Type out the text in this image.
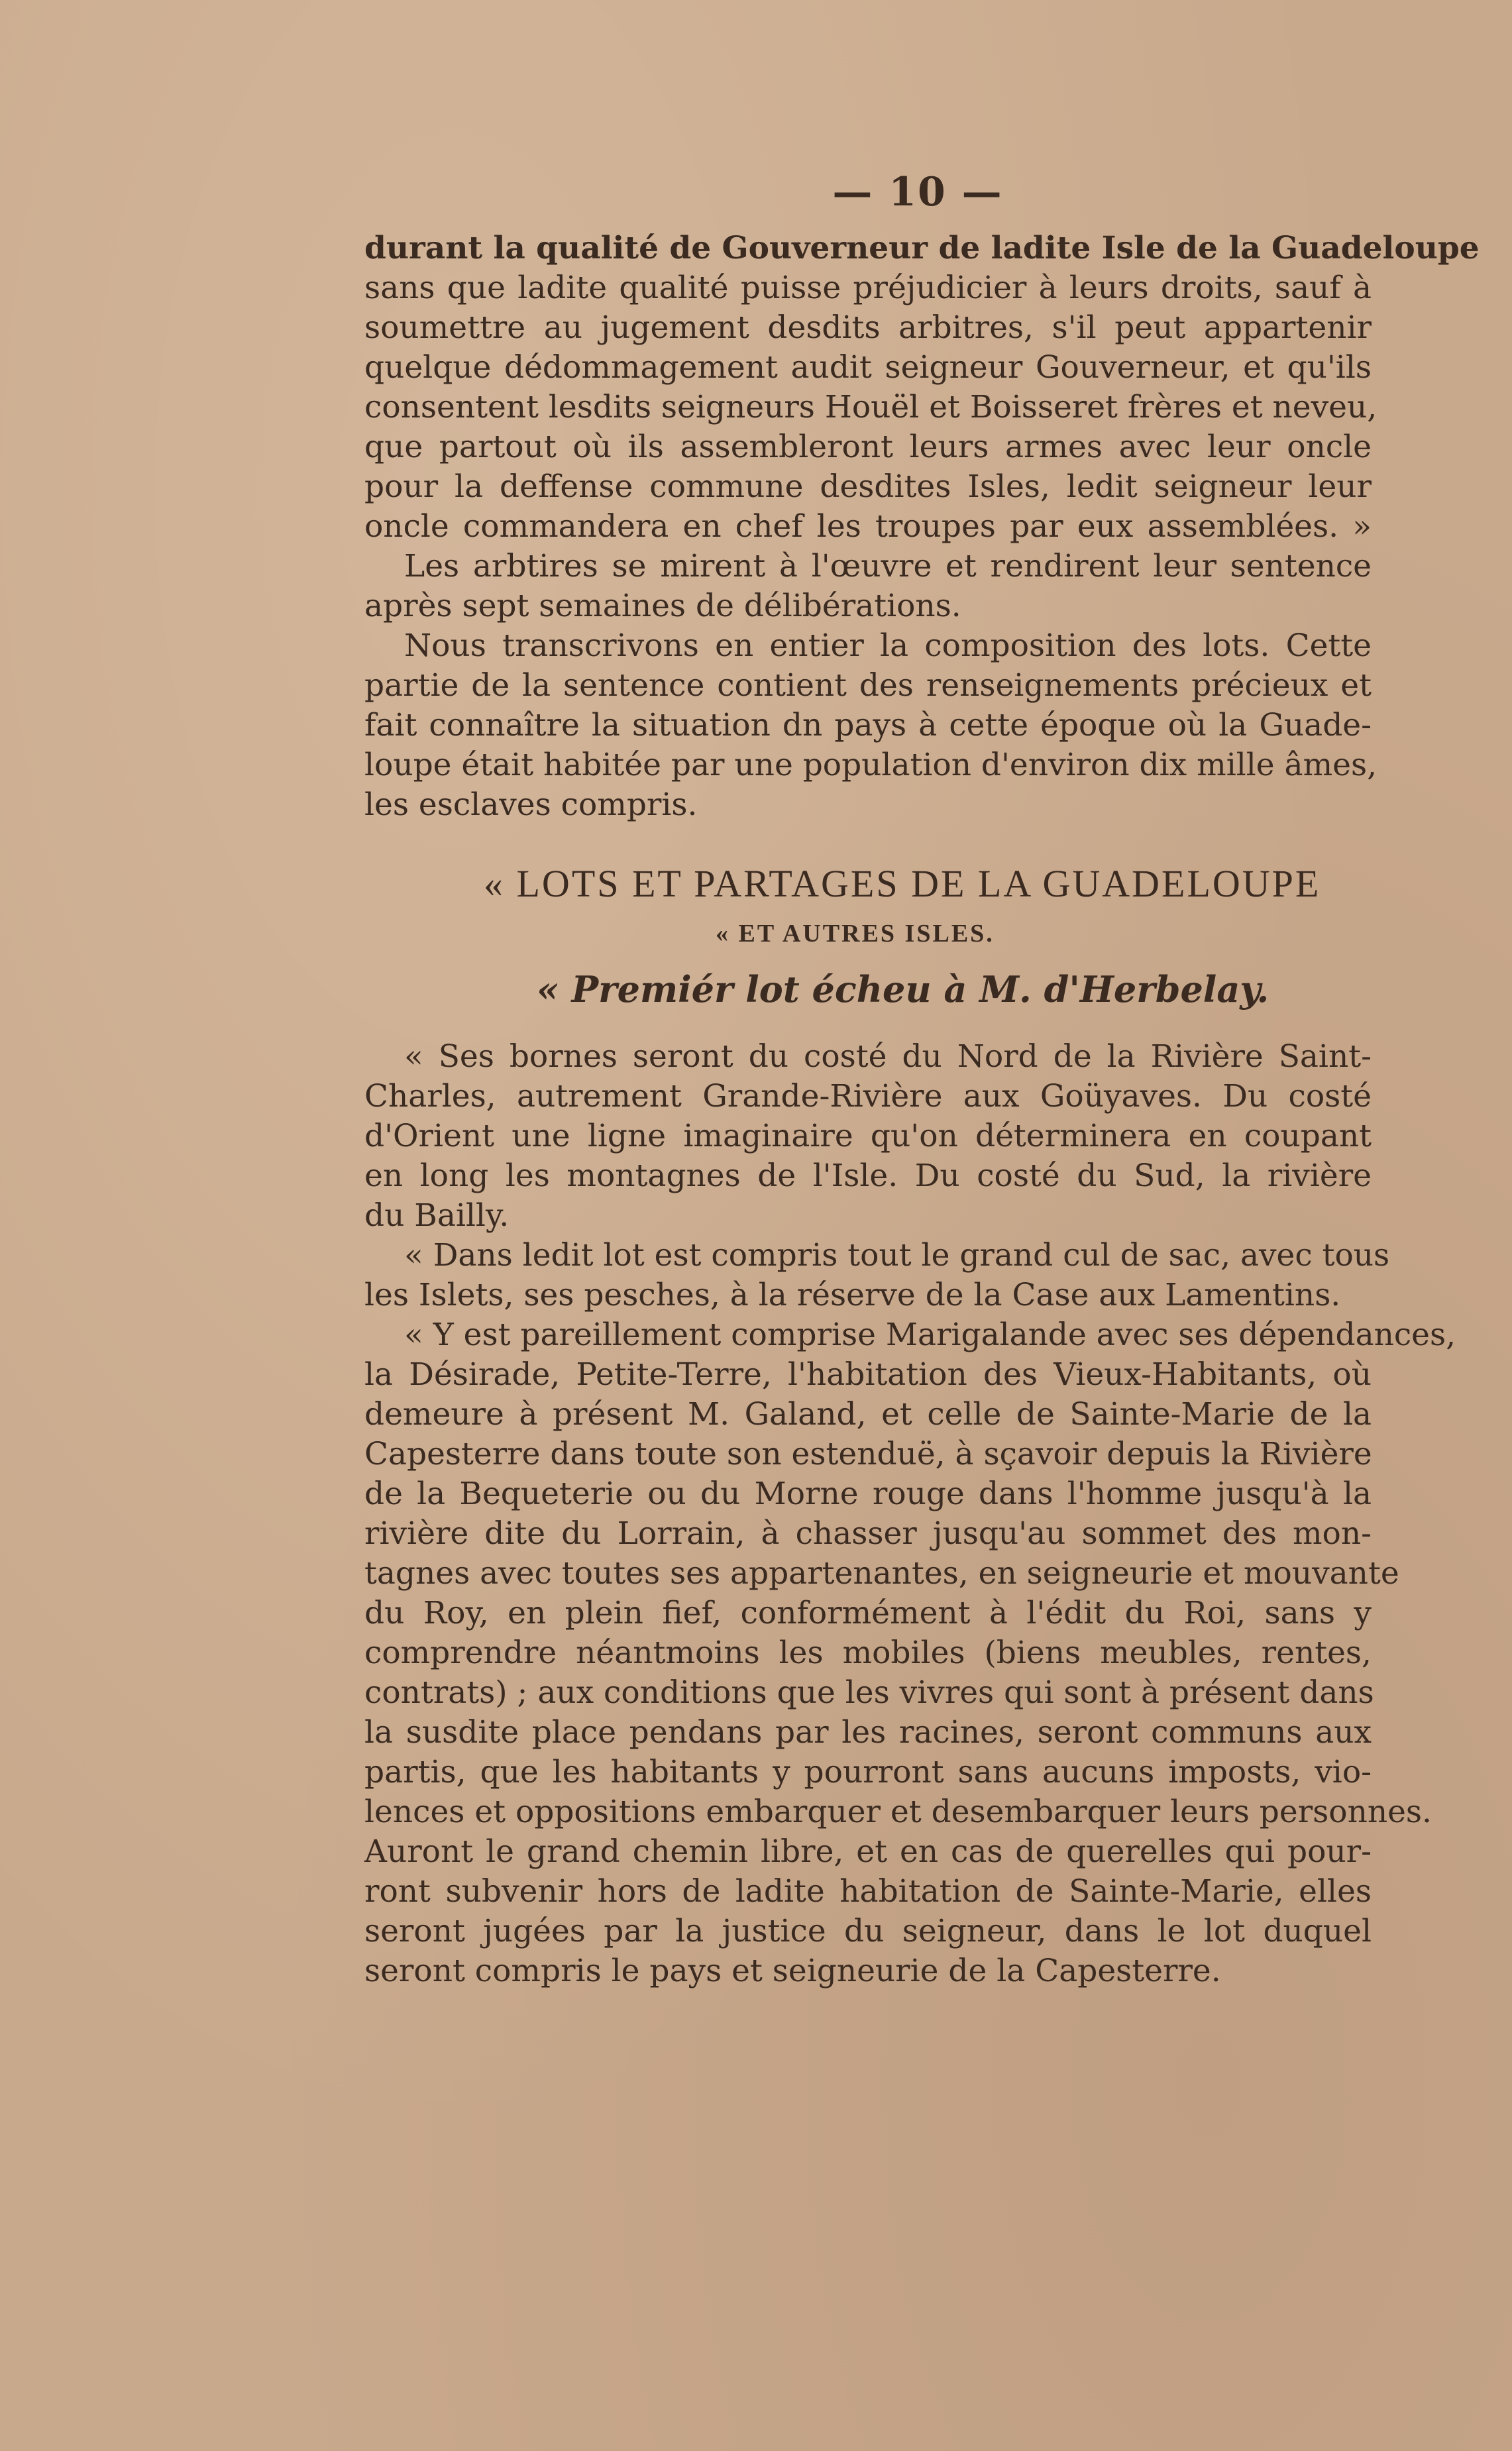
— 10 —

durant la qualité de Gouverneur de ladite Isle de la Guadeloupe

sans que ladite qualité puisse préjudicier à leurs droits, sauf à

soumettre au jugement desdits arbitres, s'il peut appartenir

quelque dédommagement audit seigneur Gouverneur, et qu'ils

consentent lesdits seigneurs Houël et Boisseret frères et neveu,

que partout où ils assembleront leurs armes avec leur oncle

pour la deffense commune desdites Isles, ledit seigneur leur

oncle commandera en chef les troupes par eux assemblées. »

Les arbtires se mirent à l'œuvre et rendirent leur sentence

après sept semaines de délibérations.

Nous transcrivons en entier la composition des lots. Cette

partie de la sentence contient des renseignements précieux et

fait connaître la situation dn pays à cette époque où la Guade-

loupe était habitée par une population d'environ dix mille âmes,

les esclaves compris.

« LOTS ET PARTAGES DE LA GUADELOUPE
« ET AUTRES ISLES.
« Premiér lot écheu à M. d'Herbelay.

« Ses bornes seront du costé du Nord de la Rivière Saint-

Charles, autrement Grande-Rivière aux Goüyaves. Du costé

d'Orient une ligne imaginaire qu'on déterminera en coupant

en long les montagnes de l'Isle. Du costé du Sud, la rivière

du Bailly.

« Dans ledit lot est compris tout le grand cul de sac, avec tous

les Islets, ses pesches, à la réserve de la Case aux Lamentins.

« Y est pareillement comprise Marigalande avec ses dépendances,

la Désirade, Petite-Terre, l'habitation des Vieux-Habitants, où

demeure à présent M. Galand, et celle de Sainte-Marie de la

Capesterre dans toute son estenduë, à sçavoir depuis la Rivière

de la Bequeterie ou du Morne rouge dans l'homme jusqu'à la

rivière dite du Lorrain, à chasser jusqu'au sommet des mon-

tagnes avec toutes ses appartenantes, en seigneurie et mouvante

du Roy, en plein fief, conformément à l'édit du Roi, sans y

comprendre néantmoins les mobiles (biens meubles, rentes,

contrats) ; aux conditions que les vivres qui sont à présent dans

la susdite place pendans par les racines, seront communs aux

partis, que les habitants y pourront sans aucuns imposts, vio-

lences et oppositions embarquer et desembarquer leurs personnes.

Auront le grand chemin libre, et en cas de querelles qui pour-

ront subvenir hors de ladite habitation de Sainte-Marie, elles

seront jugées par la justice du seigneur, dans le lot duquel

seront compris le pays et seigneurie de la Capesterre.
